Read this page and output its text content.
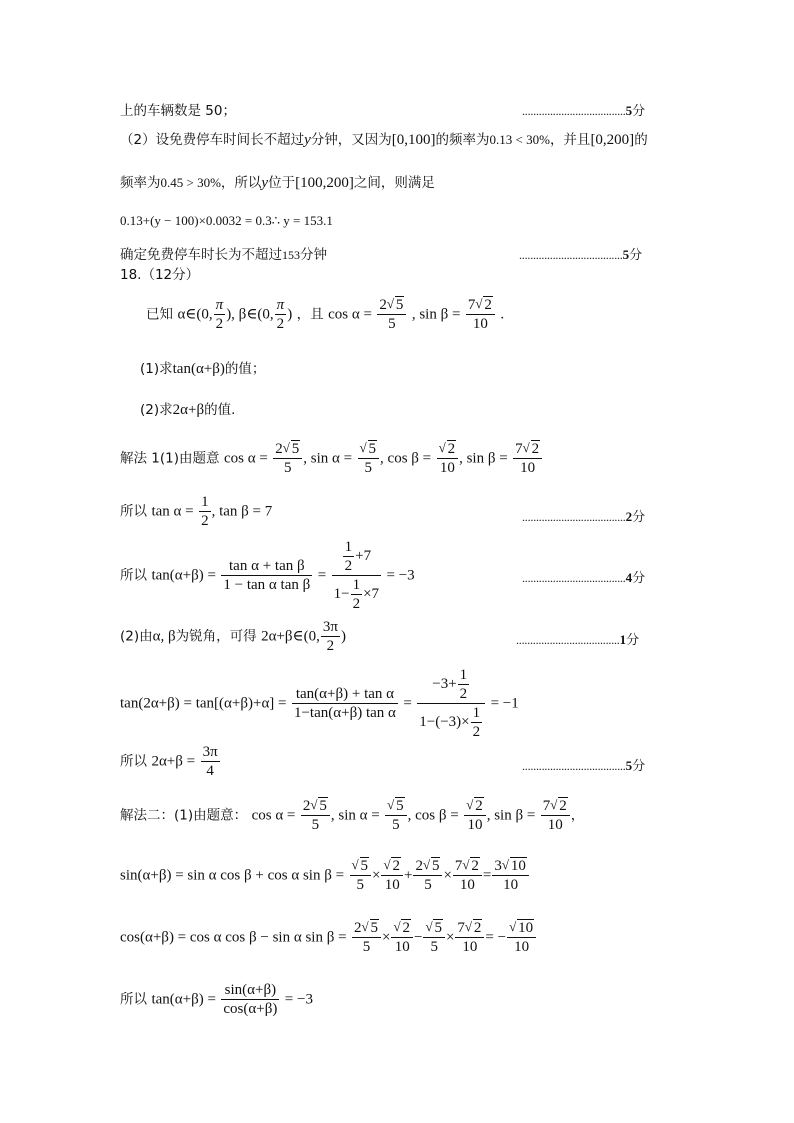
上的车辆数是 50；	.....................................5分
（2）设免费停车时间长不超过y分钟，又因为[0,100]的频率为0.13 < 30%，并且[0,200]的
频率为0.45 > 30%，所以y位于[100,200]之间，则满足
0.13+(y − 100)×0.0032 = 0.3∴ y = 153.1
确定免费停车时长为不超过153分钟	.....................................5分
18.（12分）
已知 α∈(0, $\frac{\pi}{2}$ ), β∈(0, $\frac{\pi}{2}$ ) ，且 $\cos \alpha = \frac{2 √ 5}{5}$ , $\sin \beta = \frac{7 √ 2}{10}$ .
(1)求tan(α+β)的值；
(2)求2α+β的值.
解法 1(1)由题意 $\cos \alpha = \frac{2 √ 5}{5}$ , sin α = √ $\frac{5}{5}$ , cos β = √ $\frac{2}{10}$ , $\sin \beta = \frac{7 √ 2}{10}$
所以 $\tan \alpha = \frac{1}{2}$ , tan β = 7	.....................................2分
所以 $\tan(\alpha+\beta) = \frac{\text{tan α + tan β}}{\text{1 − tan α tan β}} = \frac{\frac{1}{2} +7}{1- \frac{1}{2} \times 7} = -3$	.....................................4分
(2)由α, β为锐角，可得 2α+β∈(0, $\frac{3\pi}{2}$ )	.....................................1分
$\tan(2\alpha+\beta) = \tan[(\alpha+\beta)+\alpha] = \frac{\text{tan(α+β) + tan α}}{\text{1−tan(α+β) tan α}} = \frac{-3+ \frac{1}{2}}{1-(-3)\times \frac{1}{2}} = -1$
所以 $2\alpha+\beta = \frac{3\pi}{4}$	.....................................5分
解法二：(1)由题意： $\cos \alpha = \frac{2 √ 5}{5}$ , sin α = √ $\frac{5}{5}$ , cos β = √ $\frac{2}{10}$ , $\sin \beta = \frac{7 √ 2}{10}$ ，
sin(α+β) = sin α cos β + cos α sin β = √ $\frac{5}{5}$ × √ $\frac{2}{10} + \frac{2 √ 5}{5} \times \frac{7 √ 2}{10} = \frac{3 √ 10}{10}$
cos(α+β) = cos α cos β − sin α $\sin \beta = \frac{2 √ 5}{5}$ × √ $\frac{2}{10}$ − √ $\frac{5}{5} \times \frac{7 √ 2}{10}$ = − √ $\frac{10}{10}$
所以 $\tan(\alpha+\beta) = \frac{\sin(\alpha+\beta)}{\cos(\alpha+\beta)} = -3$
